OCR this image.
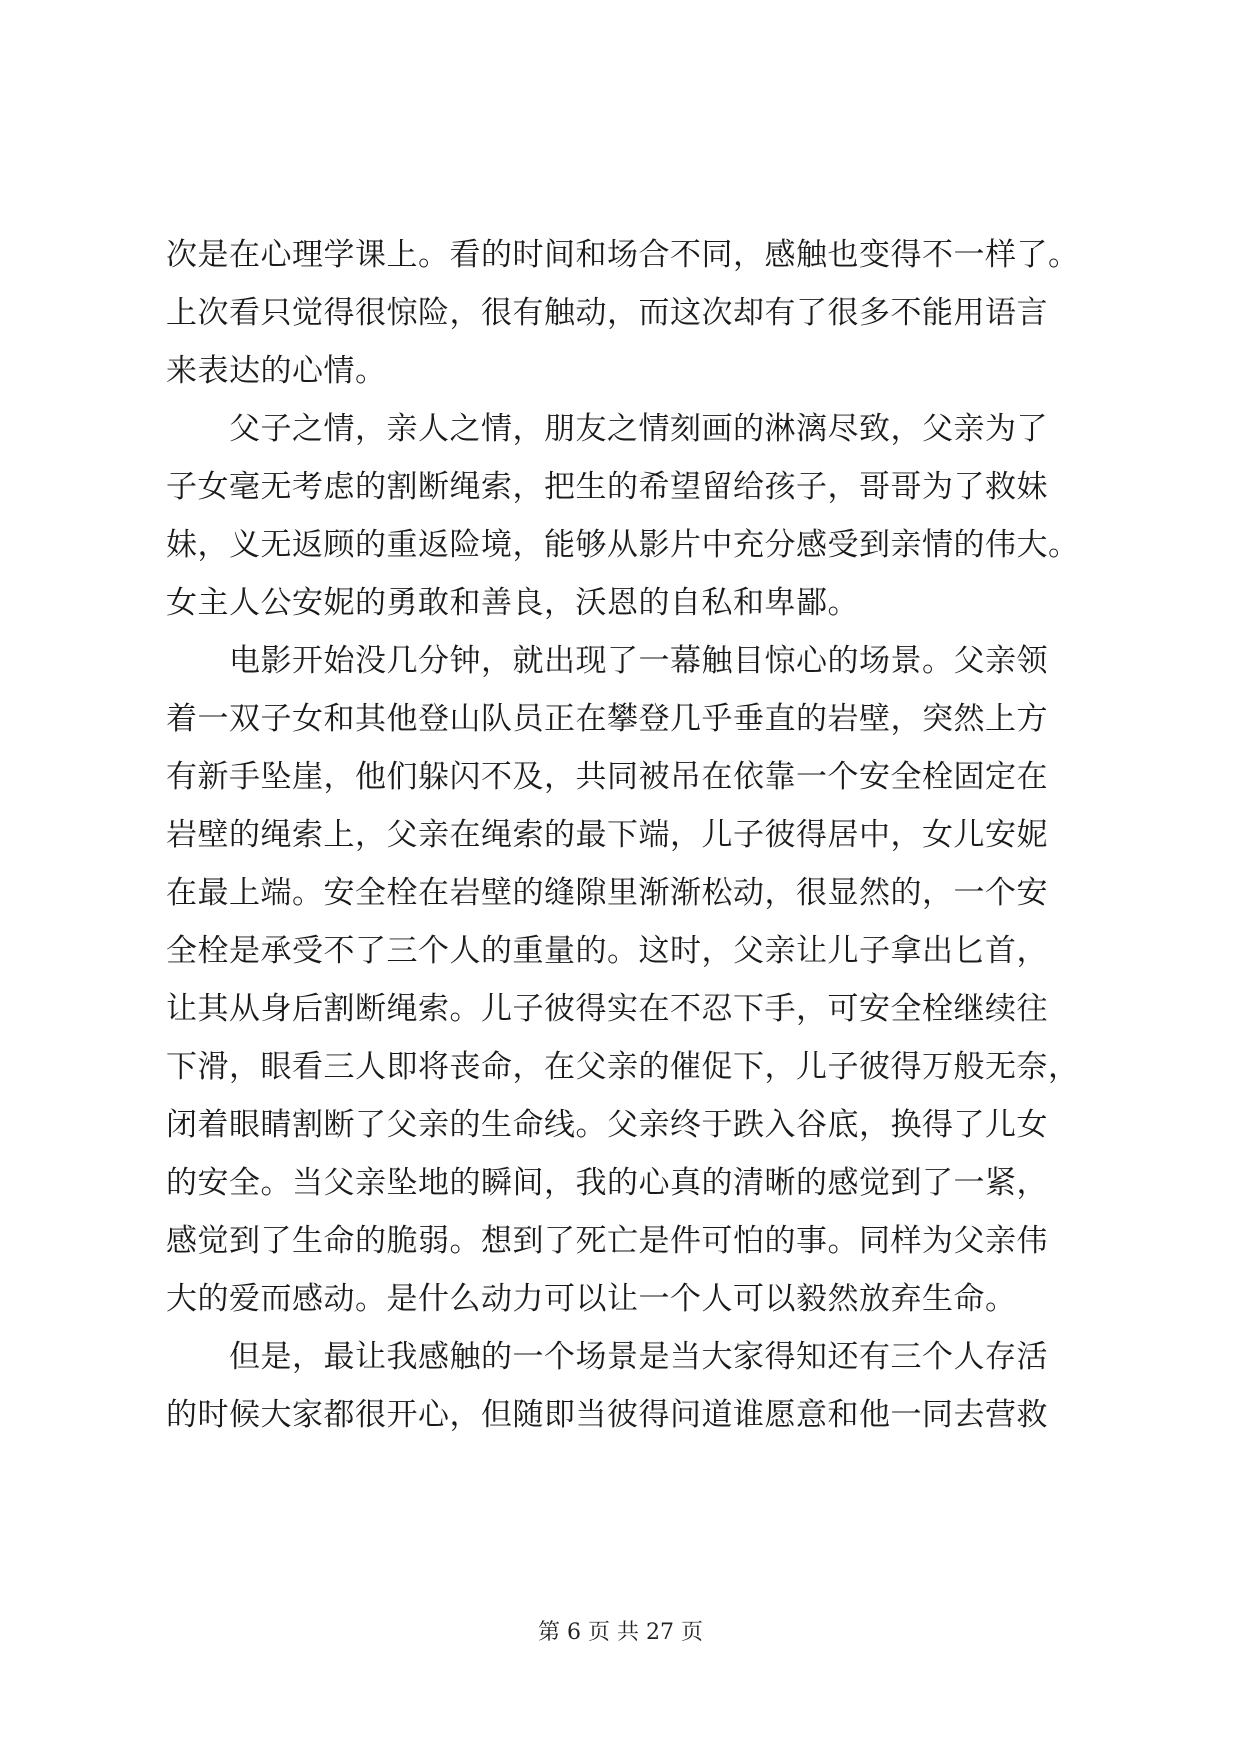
次是在心理学课上。看的时间和场合不同，感触也变得不一样了。
上次看只觉得很惊险，很有触动，而这次却有了很多不能用语言
来表达的心情。
　　父子之情，亲人之情，朋友之情刻画的淋漓尽致，父亲为了
子女毫无考虑的割断绳索，把生的希望留给孩子，哥哥为了救妹
妹，义无返顾的重返险境，能够从影片中充分感受到亲情的伟大。
女主人公安妮的勇敢和善良，沃恩的自私和卑鄙。
　　电影开始没几分钟，就出现了一幕触目惊心的场景。父亲领
着一双子女和其他登山队员正在攀登几乎垂直的岩壁，突然上方
有新手坠崖，他们躲闪不及，共同被吊在依靠一个安全栓固定在
岩壁的绳索上，父亲在绳索的最下端，儿子彼得居中，女儿安妮
在最上端。安全栓在岩壁的缝隙里渐渐松动，很显然的，一个安
全栓是承受不了三个人的重量的。这时，父亲让儿子拿出匕首，
让其从身后割断绳索。儿子彼得实在不忍下手，可安全栓继续往
下滑，眼看三人即将丧命，在父亲的催促下，儿子彼得万般无奈，
闭着眼睛割断了父亲的生命线。父亲终于跌入谷底，换得了儿女
的安全。当父亲坠地的瞬间，我的心真的清晰的感觉到了一紧，
感觉到了生命的脆弱。想到了死亡是件可怕的事。同样为父亲伟
大的爱而感动。是什么动力可以让一个人可以毅然放弃生命。
　　但是，最让我感触的一个场景是当大家得知还有三个人存活
的时候大家都很开心，但随即当彼得问道谁愿意和他一同去营救
第 6 页 共 27 页
